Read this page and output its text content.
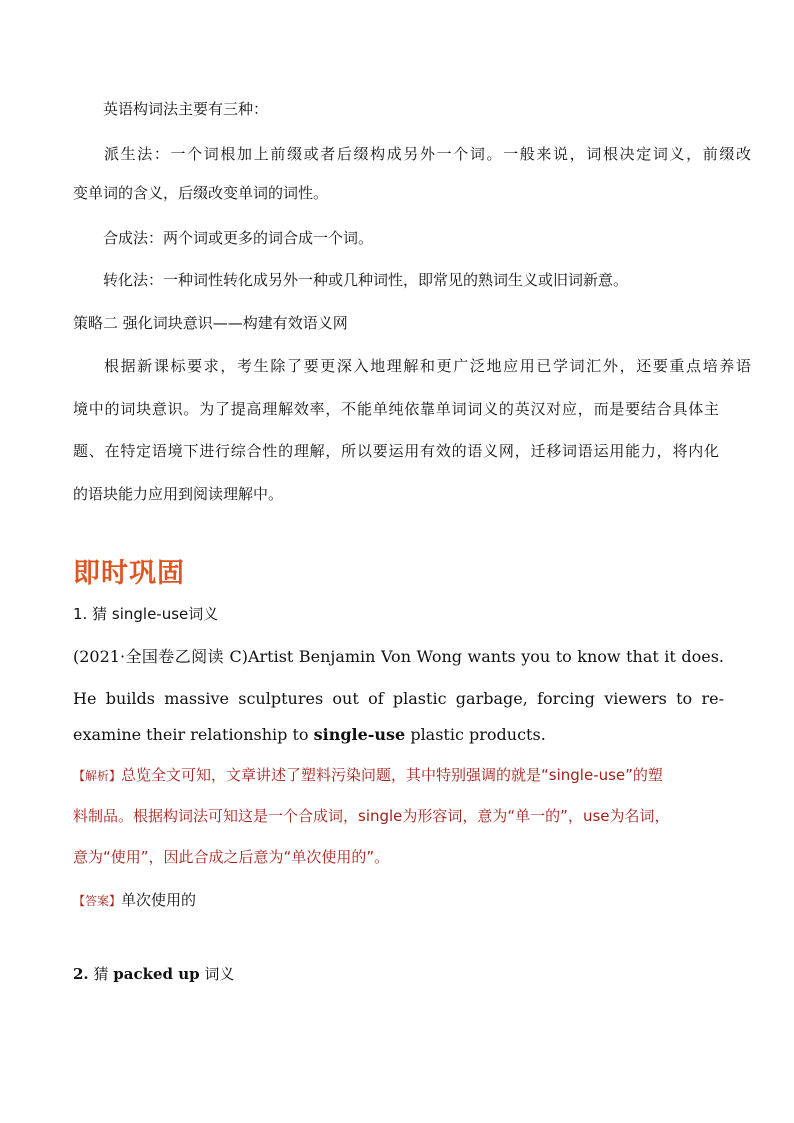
英语构词法主要有三种：
派生法：一个词根加上前缀或者后缀构成另外一个词。一般来说，词根决定词义，前缀改
变单词的含义，后缀改变单词的词性。
合成法：两个词或更多的词合成一个词。
转化法：一种词性转化成另外一种或几种词性，即常见的熟词生义或旧词新意。
策略二 强化词块意识——构建有效语义网
根据新课标要求，考生除了要更深入地理解和更广泛地应用已学词汇外，还要重点培养语
境中的词块意识。为了提高理解效率，不能单纯依靠单词词义的英汉对应，而是要结合具体主
题、在特定语境下进行综合性的理解，所以要运用有效的语义网，迁移词语运用能力，将内化
的语块能力应用到阅读理解中。
即时巩固
1. 猜 single-use词义
(2021·全国卷乙阅读 C)Artist Benjamin Von Wong wants you to know that it does.
He builds massive sculptures out of plastic garbage, forcing viewers to re-
examine their relationship to single-use plastic products.
【解析】总览全文可知，文章讲述了塑料污染问题，其中特别强调的就是“single-use”的塑
料制品。根据构词法可知这是一个合成词，single为形容词，意为“单一的”，use为名词，
意为“使用”，因此合成之后意为“单次使用的”。
【答案】单次使用的
2. 猜 packed up 词义
